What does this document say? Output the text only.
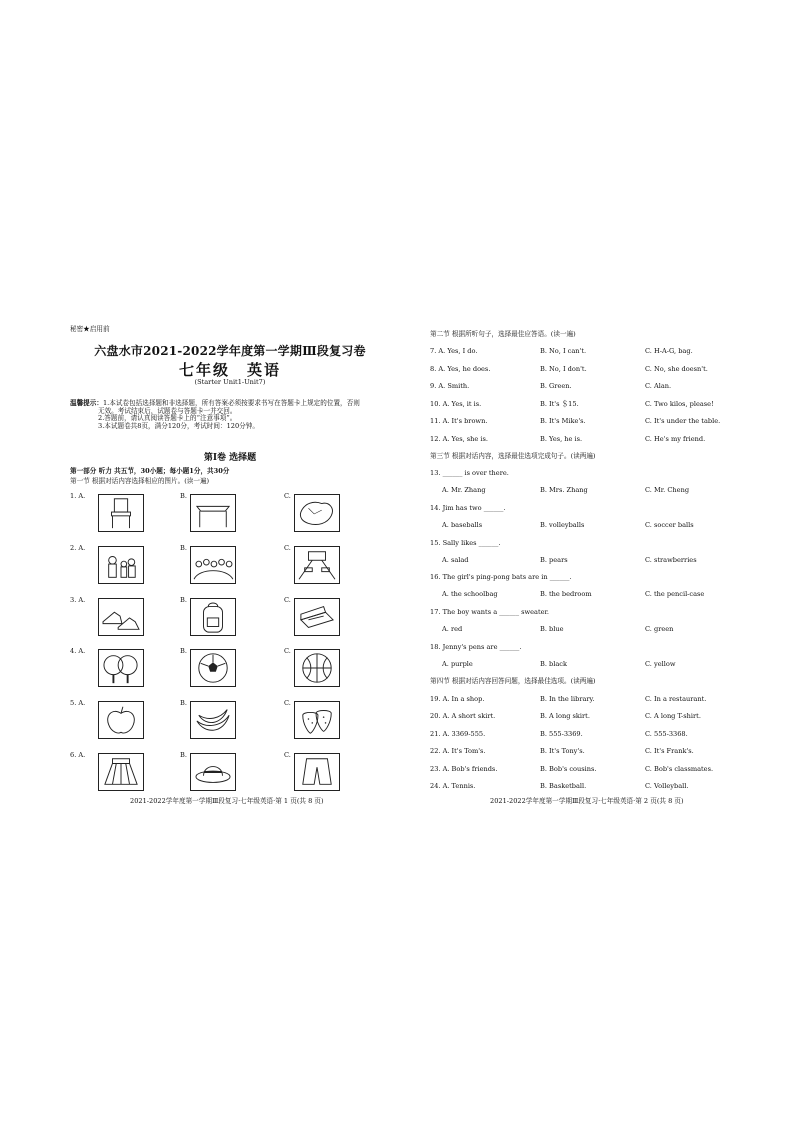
秘密★启用前
六盘水市2021-2022学年度第一学期Ⅲ段复习卷
七年级　英语
(Starter Unit1-Unit7)
温馨提示：1.本试卷包括选择题和非选择题，所有答案必须按要求书写在答题卡上规定的位置，否则
无效。考试结束后，试题卷与答题卡一并交回。
2.答题前，请认真阅读答题卡上的“注意事项”。
3.本试题卷共8页，满分120分，考试时间：120分钟。
第Ⅰ卷 选择题
第一部分 听力 共五节，30小题；每小题1分，共30分
第一节 根据对话内容选择相应的图片。(读一遍)
1. A.	B.	C.
2. A.	B.	C.
3. A.	B.	C.
4. A.	B.	C.
5. A.	B.	C.
6. A.	B.	C.
2021-2022学年度第一学期Ⅲ段复习·七年级英语·第 1 页(共 8 页)
第二节 根据所听句子，选择最佳应答语。(读一遍)
7. A. Yes, I do.	B. No, I can't.	C. H-A-G, bag.
8. A. Yes, he does.	B. No, I don't.	C. No, she doesn't.
9. A. Smith.	B. Green.	C. Alan.
10. A. Yes, it is.	B. It's ＄15.	C. Two kilos, please!
11. A. It's brown.	B. It's Mike's.	C. It's under the table.
12. A. Yes, she is.	B. Yes, he is.	C. He's my friend.
第三节 根据对话内容，选择最佳选项完成句子。(读两遍)
13. ______ is over there.
A. Mr. Zhang	B. Mrs. Zhang	C. Mr. Cheng
14. Jim has two ______.
A. baseballs	B. volleyballs	C. soccer balls
15. Sally likes ______.
A. salad	B. pears	C. strawberries
16. The girl's ping-pong bats are in ______.
A. the schoolbag	B. the bedroom	C. the pencil-case
17. The boy wants a ______ sweater.
A. red	B. blue	C. green
18. Jenny's pens are ______.
A. purple	B. black	C. yellow
第四节 根据对话内容回答问题，选择最佳选项。(读两遍)
19. A. In a shop.	B. In the library.	C. In a restaurant.
20. A. A short skirt.	B. A long skirt.	C. A long T-shirt.
21. A. 3369-555.	B. 555-3369.	C. 555-3368.
22. A. It's Tom's.	B. It's Tony's.	C. It's Frank's.
23. A. Bob's friends.	B. Bob's cousins.	C. Bob's classmates.
24. A. Tennis.	B. Basketball.	C. Volleyball.
2021-2022学年度第一学期Ⅲ段复习·七年级英语·第 2 页(共 8 页)
